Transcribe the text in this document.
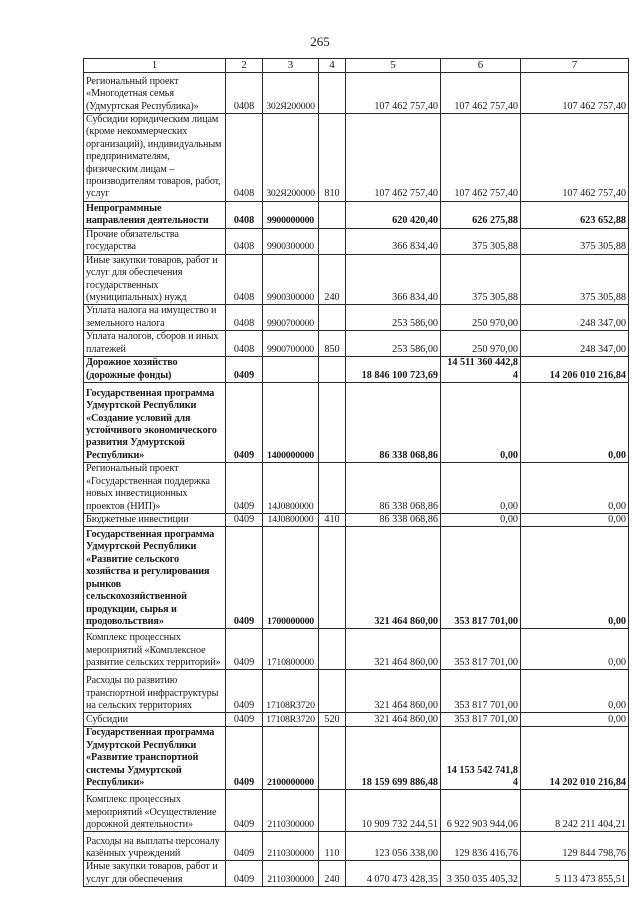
265
1	2	3	4	5	6	7
Региональный проект «Многодетная семья (Удмуртская Республика)»	0408	302Я200000		107 462 757,40	107 462 757,40	107 462 757,40
Субсидии юридическим лицам (кроме некоммерческих организаций), индивидуальным предпринимателям, физическим лицам – производителям товаров, работ, услуг	0408	302Я200000	810	107 462 757,40	107 462 757,40	107 462 757,40
Непрограммные направления деятельности	0408	9900000000		620 420,40	626 275,88	623 652,88
Прочие обязательства государства	0408	9900300000		366 834,40	375 305,88	375 305,88
Иные закупки товаров, работ и услуг для обеспечения государственных (муниципальных) нужд	0408	9900300000	240	366 834,40	375 305,88	375 305,88
Уплата налога на имущество и земельного налога	0408	9900700000		253 586,00	250 970,00	248 347,00
Уплата налогов, сборов и иных платежей	0408	9900700000	850	253 586,00	250 970,00	248 347,00
Дорожное хозяйство (дорожные фонды)	0409			18 846 100 723,69	14 511 360 442,84	14 206 010 216,84
Государственная программа Удмуртской Республики «Создание условий для устойчивого экономического развития Удмуртской Республики»	0409	1400000000		86 338 068,86	0,00	0,00
Региональный проект «Государственная поддержка новых инвестиционных проектов (НИП)»	0409	14J0800000		86 338 068,86	0,00	0,00
Бюджетные инвестиции	0409	14J0800000	410	86 338 068,86	0,00	0,00
Государственная программа Удмуртской Республики «Развитие сельского хозяйства и регулирования рынков сельскохозяйственной продукции, сырья и продовольствия»	0409	1700000000		321 464 860,00	353 817 701,00	0,00
Комплекс процессных мероприятий «Комплексное развитие сельских территорий»	0409	1710800000		321 464 860,00	353 817 701,00	0,00
Расходы по развитию транспортной инфраструктуры на сельских территориях	0409	17108R3720		321 464 860,00	353 817 701,00	0,00
Субсидии	0409	17108R3720	520	321 464 860,00	353 817 701,00	0,00
Государственная программа Удмуртской Республики «Развитие транспортной системы Удмуртской Республики»	0409	2100000000		18 159 699 886,48	14 153 542 741,84	14 202 010 216,84
Комплекс процессных мероприятий «Осуществление дорожной деятельности»	0409	2110300000		10 909 732 244,51	6 922 903 944,06	8 242 211 404,21
Расходы на выплаты персоналу казённых учреждений	0409	2110300000	110	123 056 338,00	129 836 416,76	129 844 798,76
Иные закупки товаров, работ и услуг для обеспечения	0409	2110300000	240	4 070 473 428,35	3 350 035 405,32	5 113 473 855,51
